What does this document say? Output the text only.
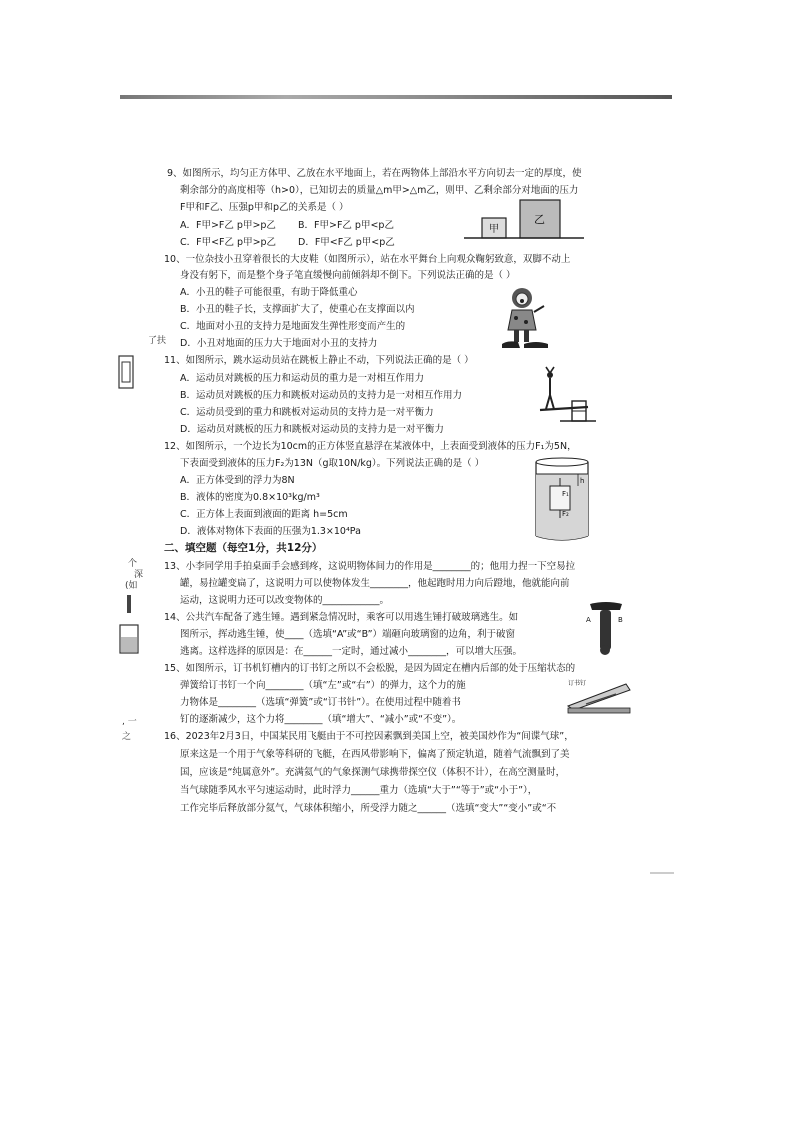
了扶
个
深
(如
, 一
之
9、如图所示，均匀正方体甲、乙放在水平地面上，若在两物体上部沿水平方向切去一定的厚度，使
剩余部分的高度相等（h>0），已知切去的质量△m甲>△m乙，则甲、乙剩余部分对地面的压力
F甲和F乙、压强p甲和p乙的关系是（ ）
A．F甲>F乙 p甲>p乙 B．F甲>F乙 p甲<p乙
C．F甲<F乙 p甲>p乙 D．F甲<F乙 p甲<p乙
甲
乙
10、一位杂技小丑穿着很长的大皮鞋（如图所示），站在水平舞台上向观众鞠躬致意，双脚不动上
身没有躬下，而是整个身子笔直缓慢向前倾斜却不倒下。下列说法正确的是（ ）
A．小丑的鞋子可能很重，有助于降低重心
B．小丑的鞋子长，支撑面扩大了，使重心在支撑面以内
C．地面对小丑的支持力是地面发生弹性形变而产生的
D．小丑对地面的压力大于地面对小丑的支持力
11、如图所示，跳水运动员站在跳板上静止不动，下列说法正确的是（ ）
A．运动员对跳板的压力和运动员的重力是一对相互作用力
B．运动员对跳板的压力和跳板对运动员的支持力是一对相互作用力
C．运动员受到的重力和跳板对运动员的支持力是一对平衡力
D．运动员对跳板的压力和跳板对运动员的支持力是一对平衡力
12、如图所示，一个边长为10cm的正方体竖直悬浮在某液体中，上表面受到液体的压力F₁为5N，
下表面受到液体的压力F₂为13N（g取10N/kg）。下列说法正确的是（ ）
A．正方体受到的浮力为8N
B．液体的密度为0.8×10³kg/m³
C．正方体上表面到液面的距离 h=5cm
D．液体对物体下表面的压强为1.3×10⁴Pa
F₁
F₂
h
二、填空题（每空1分，共12分）
13、小李同学用手拍桌面手会感到疼，这说明物体间力的作用是________的；他用力捏一下空易拉
罐，易拉罐变扁了，这说明力可以使物体发生________，他起跑时用力向后蹬地，他就能向前
运动，这说明力还可以改变物体的____________。
14、公共汽车配备了逃生锤。遇到紧急情况时，乘客可以用逃生锤打破玻璃逃生。如
图所示，挥动逃生锤，使____（选填“A”或“B”）端砸向玻璃窗的边角，利于破窗
逃离。这样选择的原因是：在______一定时，通过减小________，可以增大压强。
A	B
15、如图所示，订书机钉槽内的订书钉之所以不会松脱，是因为固定在槽内后部的处于压缩状态的
弹簧给订书钉一个向________（填“左”或“右”）的弹力，这个力的施
力物体是________（选填“弹簧”或“订书针”）。在使用过程中随着书
钉的逐渐减少，这个力将________（填“增大”、“减小”或“不变”）。
订书钉
16、2023年2月3日，中国某民用飞艇由于不可控因素飘到美国上空，被美国炒作为“间谍气球”，
原来这是一个用于气象等科研的飞艇，在西风带影响下，偏离了预定轨道，随着气流飘到了美
国，应该是“纯属意外”。充满氦气的气象探测气球携带探空仪（体积不计），在高空测量时，
当气球随季风水平匀速运动时，此时浮力______重力（选填“大于”“等于”或“小于”），
工作完毕后释放部分氦气，气球体积缩小，所受浮力随之______（选填“变大”“变小”或“不
